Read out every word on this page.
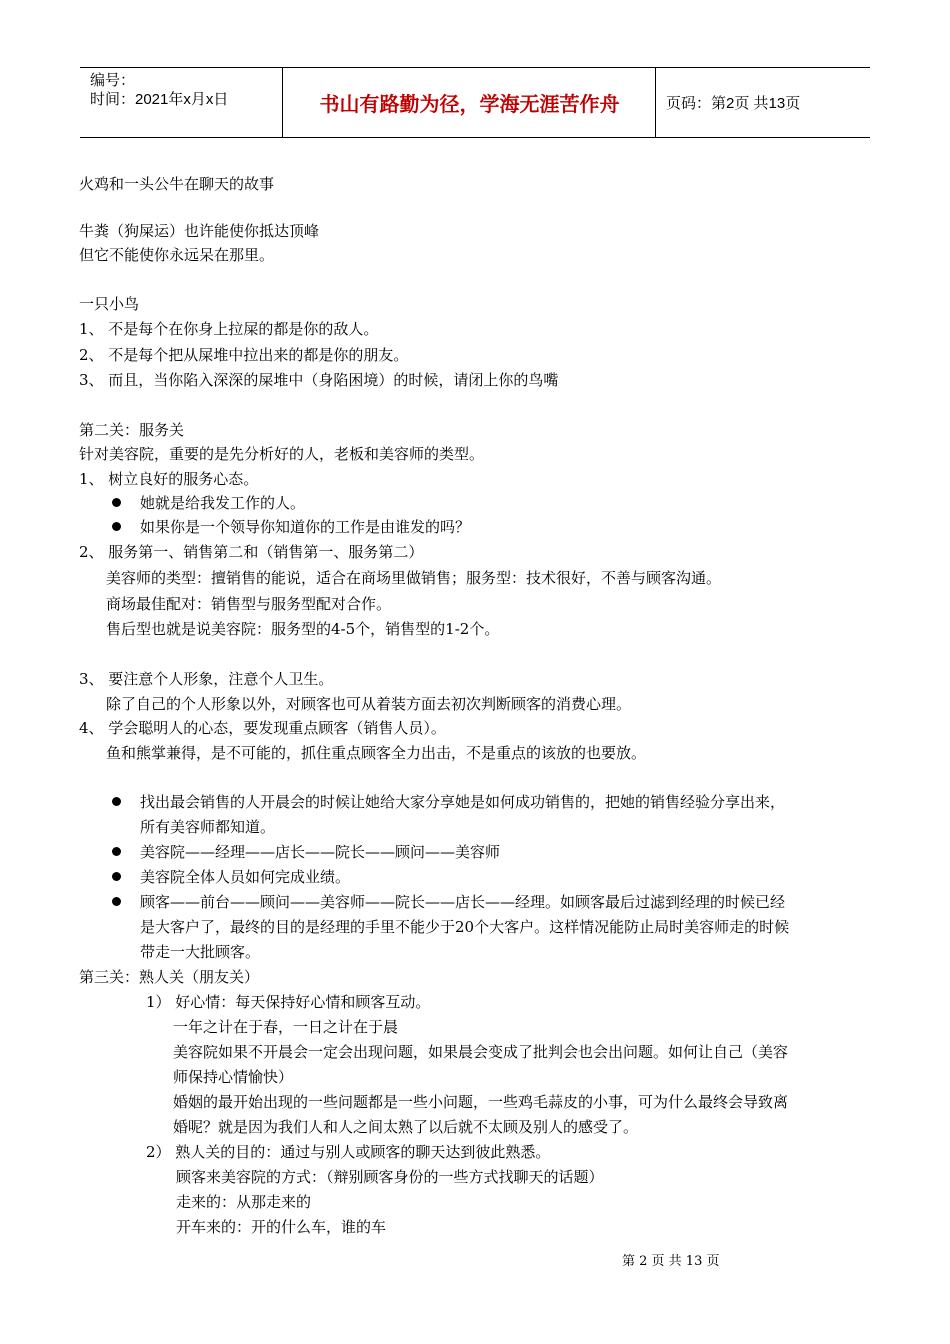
编号：
时间：2021年x月x日	书山有路勤为径，学海无涯苦作舟	页码：第2页 共13页
火鸡和一头公牛在聊天的故事
牛粪（狗屎运）也许能使你抵达顶峰
但它不能使你永远呆在那里。
一只小鸟
1、 不是每个在你身上拉屎的都是你的敌人。
2、 不是每个把从屎堆中拉出来的都是你的朋友。
3、 而且，当你陷入深深的屎堆中（身陷困境）的时候，请闭上你的鸟嘴
第二关：服务关
针对美容院，重要的是先分析好的人，老板和美容师的类型。
1、 树立良好的服务心态。
她就是给我发工作的人。
如果你是一个领导你知道你的工作是由谁发的吗？
2、 服务第一、销售第二和（销售第一、服务第二）
美容师的类型：擅销售的能说，适合在商场里做销售；服务型：技术很好，不善与顾客沟通。
商场最佳配对：销售型与服务型配对合作。
售后型也就是说美容院：服务型的4-5个，销售型的1-2个。
3、 要注意个人形象，注意个人卫生。
除了自己的个人形象以外，对顾客也可从着装方面去初次判断顾客的消费心理。
4、 学会聪明人的心态，要发现重点顾客（销售人员）。
鱼和熊掌兼得，是不可能的，抓住重点顾客全力出击，不是重点的该放的也要放。
找出最会销售的人开晨会的时候让她给大家分享她是如何成功销售的，把她的销售经验分享出来，
所有美容师都知道。
美容院——经理——店长——院长——顾问——美容师
美容院全体人员如何完成业绩。
顾客——前台——顾问——美容师——院长——店长——经理。如顾客最后过滤到经理的时候已经
是大客户了，最终的目的是经理的手里不能少于20个大客户。这样情况能防止局时美容师走的时候
带走一大批顾客。
第三关：熟人关（朋友关）
1） 好心情：每天保持好心情和顾客互动。
一年之计在于春，一日之计在于晨
美容院如果不开晨会一定会出现问题，如果晨会变成了批判会也会出问题。如何让自己（美容
师保持心情愉快）
婚姻的最开始出现的一些问题都是一些小问题，一些鸡毛蒜皮的小事，可为什么最终会导致离
婚呢？就是因为我们人和人之间太熟了以后就不太顾及别人的感受了。
2） 熟人关的目的：通过与别人或顾客的聊天达到彼此熟悉。
顾客来美容院的方式：（辩别顾客身份的一些方式找聊天的话题）
走来的：从那走来的
开车来的：开的什么车，谁的车
第 2 页 共 13 页
